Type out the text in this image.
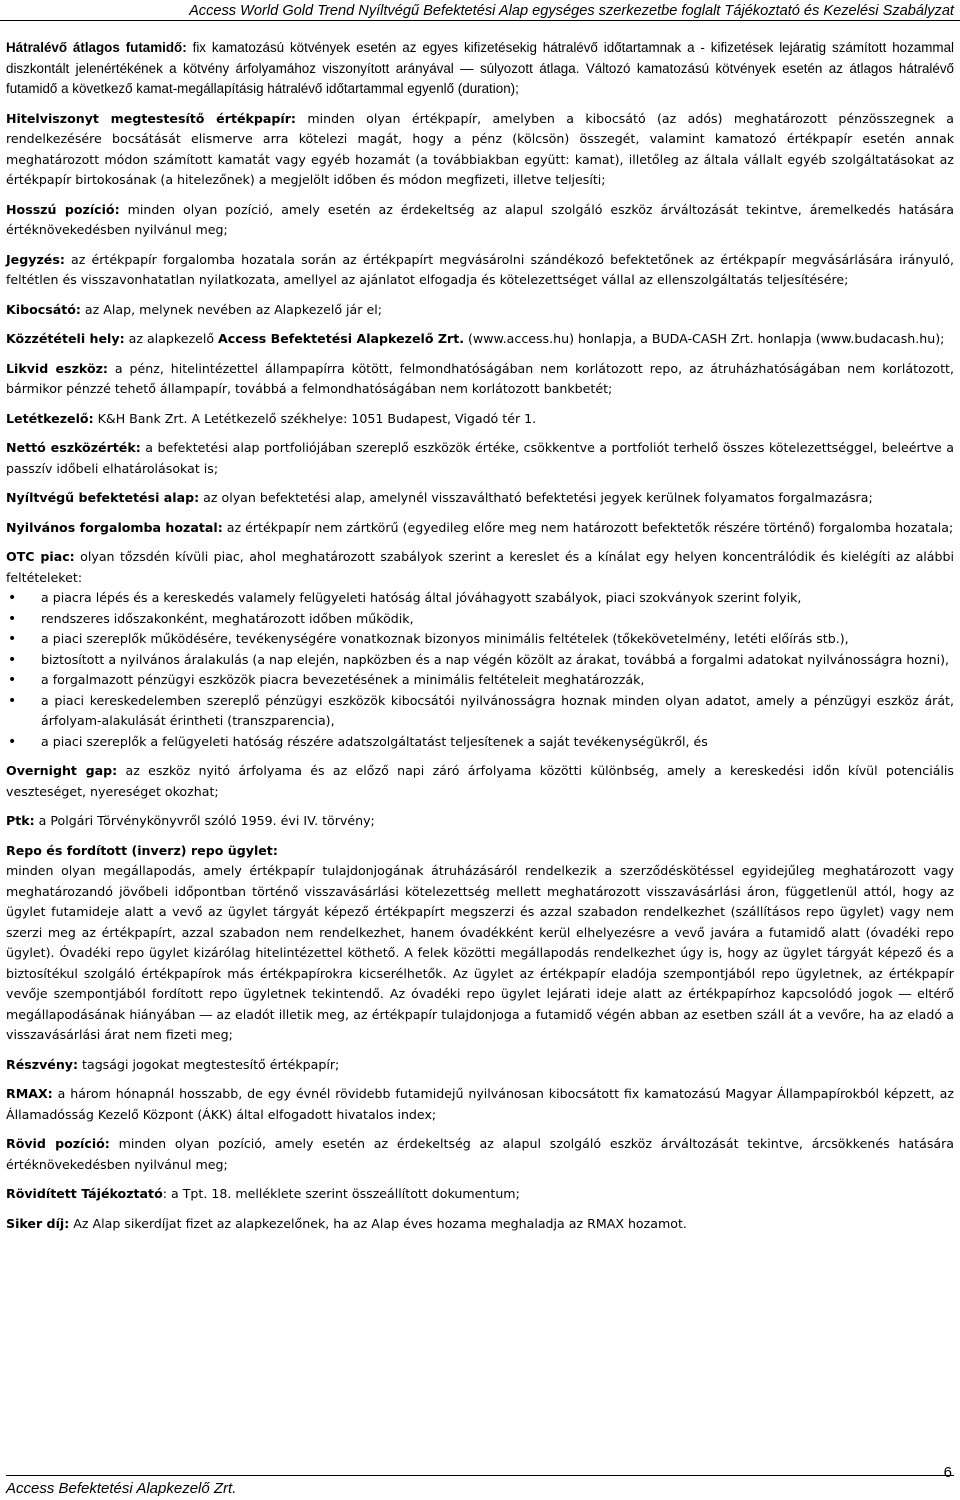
Access World Gold Trend Nyíltvégű Befektetési Alap egységes szerkezetbe foglalt Tájékoztató és Kezelési Szabályzat

Hátralévő átlagos futamidő: fix kamatozású kötvények esetén az egyes kifizetésekig hátralévő időtartamnak a - kifizetések lejáratig számított hozammal diszkontált jelenértékének a kötvény árfolyamához viszonyított arányával ― súlyozott átlaga. Változó kamatozású kötvények esetén az átlagos hátralévő futamidő a következő kamat-megállapításig hátralévő időtartammal egyenlő (duration);

Hitelviszonyt megtestesítő értékpapír: minden olyan értékpapír, amelyben a kibocsátó (az adós) meghatározott pénzösszegnek a rendelkezésére bocsátását elismerve arra kötelezi magát, hogy a pénz (kölcsön) összegét, valamint kamatozó értékpapír esetén annak meghatározott módon számított kamatát vagy egyéb hozamát (a továbbiakban együtt: kamat), illetőleg az általa vállalt egyéb szolgáltatásokat az értékpapír birtokosának (a hitelezőnek) a megjelölt időben és módon megfizeti, illetve teljesíti;

Hosszú pozíció: minden olyan pozíció, amely esetén az érdekeltség az alapul szolgáló eszköz árváltozását tekintve, áremelkedés hatására értéknövekedésben nyilvánul meg;

Jegyzés: az értékpapír forgalomba hozatala során az értékpapírt megvásárolni szándékozó befektetőnek az értékpapír megvásárlására irányuló, feltétlen és visszavonhatatlan nyilatkozata, amellyel az ajánlatot elfogadja és kötelezettséget vállal az ellenszolgáltatás teljesítésére;

Kibocsátó: az Alap, melynek nevében az Alapkezelő jár el;

Közzétételi hely: az alapkezelő Access Befektetési Alapkezelő Zrt. (www.access.hu) honlapja, a BUDA-CASH Zrt. honlapja (www.budacash.hu);

Likvid eszköz: a pénz, hitelintézettel állampapírra kötött, felmondhatóságában nem korlátozott repo, az átruházhatóságában nem korlátozott, bármikor pénzzé tehető állampapír, továbbá a felmondhatóságában nem korlátozott bankbetét;

Letétkezelő: K&H Bank Zrt. A Letétkezelő székhelye: 1051 Budapest, Vigadó tér 1.

Nettó eszközérték: a befektetési alap portfoliójában szereplő eszközök értéke, csökkentve a portfoliót terhelő összes kötelezettséggel, beleértve a passzív időbeli elhatárolásokat is;

Nyíltvégű befektetési alap: az olyan befektetési alap, amelynél visszaváltható befektetési jegyek kerülnek folyamatos forgalmazásra;

Nyilvános forgalomba hozatal: az értékpapír nem zártkörű (egyedileg előre meg nem határozott befektetők részére történő) forgalomba hozatala;

OTC piac: olyan tőzsdén kívüli piac, ahol meghatározott szabályok szerint a kereslet és a kínálat egy helyen koncentrálódik és kielégíti az alábbi feltételeket:
• a piacra lépés és a kereskedés valamely felügyeleti hatóság által jóváhagyott szabályok, piaci szokványok szerint folyik,
• rendszeres időszakonként, meghatározott időben működik,
• a piaci szereplők működésére, tevékenységére vonatkoznak bizonyos minimális feltételek (tőkekövetelmény, letéti előírás stb.),
• biztosított a nyilvános áralakulás (a nap elején, napközben és a nap végén közölt az árakat, továbbá a forgalmi adatokat nyilvánosságra hozni),
• a forgalmazott pénzügyi eszközök piacra bevezetésének a minimális feltételeit meghatározzák,
• a piaci kereskedelemben szereplő pénzügyi eszközök kibocsátói nyilvánosságra hoznak minden olyan adatot, amely a pénzügyi eszköz árát, árfolyam-alakulását érintheti (transzparencia),
• a piaci szereplők a felügyeleti hatóság részére adatszolgáltatást teljesítenek a saját tevékenységükről, és

Overnight gap: az eszköz nyitó árfolyama és az előző napi záró árfolyama közötti különbség, amely a kereskedési időn kívül potenciális veszteséget, nyereséget okozhat;

Ptk: a Polgári Törvénykönyvről szóló 1959. évi IV. törvény;

Repo és fordított (inverz) repo ügylet:
minden olyan megállapodás, amely értékpapír tulajdonjogának átruházásáról rendelkezik a szerződéskötéssel egyidejűleg meghatározott vagy meghatározandó jövőbeli időpontban történő visszavásárlási kötelezettség mellett meghatározott visszavásárlási áron, függetlenül attól, hogy az ügylet futamideje alatt a vevő az ügylet tárgyát képező értékpapírt megszerzi és azzal szabadon rendelkezhet (szállításos repo ügylet) vagy nem szerzi meg az értékpapírt, azzal szabadon nem rendelkezhet, hanem óvadékként kerül elhelyezésre a vevő javára a futamidő alatt (óvadéki repo ügylet). Óvadéki repo ügylet kizárólag hitelintézettel köthető. A felek közötti megállapodás rendelkezhet úgy is, hogy az ügylet tárgyát képező és a biztosítékul szolgáló értékpapírok más értékpapírokra kicserélhetők. Az ügylet az értékpapír eladója szempontjából repo ügyletnek, az értékpapír vevője szempontjából fordított repo ügyletnek tekintendő. Az óvadéki repo ügylet lejárati ideje alatt az értékpapírhoz kapcsolódó jogok ― eltérő megállapodásának hiányában ― az eladót illetik meg, az értékpapír tulajdonjoga a futamidő végén abban az esetben száll át a vevőre, ha az eladó a visszavásárlási árat nem fizeti meg;

Részvény: tagsági jogokat megtestesítő értékpapír;

RMAX: a három hónapnál hosszabb, de egy évnél rövidebb futamidejű nyilvánosan kibocsátott fix kamatozású Magyar Állampapírokból képzett, az Államadósság Kezelő Központ (ÁKK) által elfogadott hivatalos index;

Rövid pozíció: minden olyan pozíció, amely esetén az érdekeltség az alapul szolgáló eszköz árváltozását tekintve, árcsökkenés hatására értéknövekedésben nyilvánul meg;

Rövidített Tájékoztató: a Tpt. 18. melléklete szerint összeállított dokumentum;

Siker díj: Az Alap sikerdíjat fizet az alapkezelőnek, ha az Alap éves hozama meghaladja az RMAX hozamot.

Access Befektetési Alapkezelő Zrt.
6
